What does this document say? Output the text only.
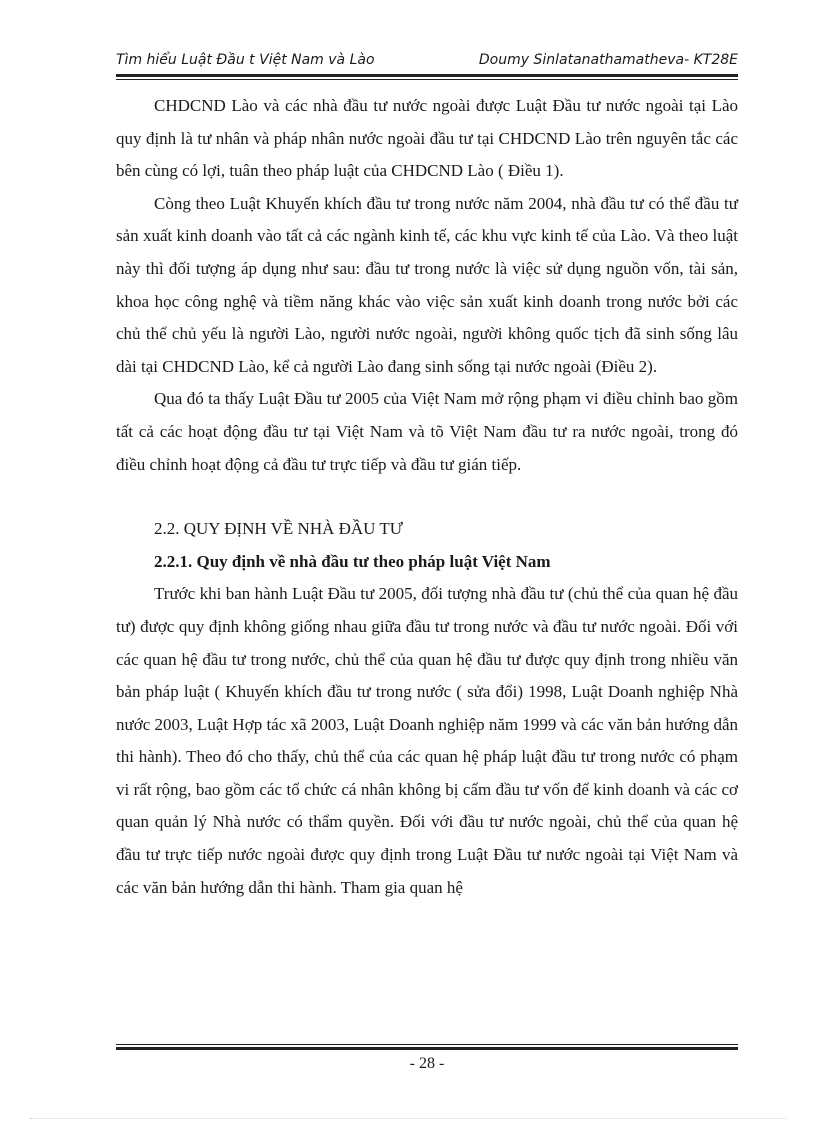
Tìm hiểu Luật Đầu t Việt Nam và Lào	Doumy Sinlatanathamatheva- KT28E

CHDCND Lào và các nhà đầu tư nước ngoài được Luật Đầu tư nước ngoài tại Lào quy định là tư nhân và pháp nhân nước ngoài đầu tư tại CHDCND Lào trên nguyên tắc các bên cùng có lợi, tuân theo pháp luật của CHDCND Lào ( Điều 1).

Còng theo Luật Khuyến khích đầu tư trong nước năm 2004, nhà đầu tư có thể đầu tư sản xuất kinh doanh vào tất cả các ngành kinh tế, các khu vực kinh tế của Lào. Và theo luật này thì đối tượng áp dụng như sau: đầu tư trong nước là việc sử dụng nguồn vốn, tài sản, khoa học công nghệ và tiềm năng khác vào việc sản xuất kinh doanh trong nước bởi các chủ thể chủ yếu là người Lào, người nước ngoài, người không quốc tịch đã sinh sống lâu dài tại CHDCND Lào, kể cả người Lào đang sinh sống tại nước ngoài (Điều 2).

Qua đó ta thấy Luật Đầu tư 2005 của Việt Nam mở rộng phạm vi điều chỉnh bao gồm tất cả các hoạt động đầu tư tại Việt Nam và tõ Việt Nam đầu tư ra nước ngoài, trong đó điều chỉnh hoạt động cả đầu tư trực tiếp và đầu tư gián tiếp.

2.2. QUY ĐỊNH VỀ NHÀ ĐẦU TƯ
2.2.1. Quy định về nhà đầu tư theo pháp luật Việt Nam

Trước khi ban hành Luật Đầu tư 2005, đối tượng nhà đầu tư (chủ thể của quan hệ đầu tư) được quy định không giống nhau giữa đầu tư trong nước và đầu tư nước ngoài. Đối với các quan hệ đầu tư trong nước, chủ thể của quan hệ đầu tư được quy định trong nhiều văn bản pháp luật ( Khuyến khích đầu tư trong nước ( sửa đổi) 1998, Luật Doanh nghiệp Nhà nước 2003, Luật Hợp tác xã 2003, Luật Doanh nghiệp năm 1999 và các văn bản hướng dẫn thi hành). Theo đó cho thấy, chủ thể của các quan hệ pháp luật đầu tư trong nước có phạm vi rất rộng, bao gồm các tổ chức cá nhân không bị cấm đầu tư vốn để kinh doanh và các cơ quan quản lý Nhà nước có thẩm quyền. Đối với đầu tư nước ngoài, chủ thể của quan hệ đầu tư trực tiếp nước ngoài được quy định trong Luật Đầu tư nước ngoài tại Việt Nam và các văn bản hướng dẫn thi hành. Tham gia quan hệ

- 28 -
